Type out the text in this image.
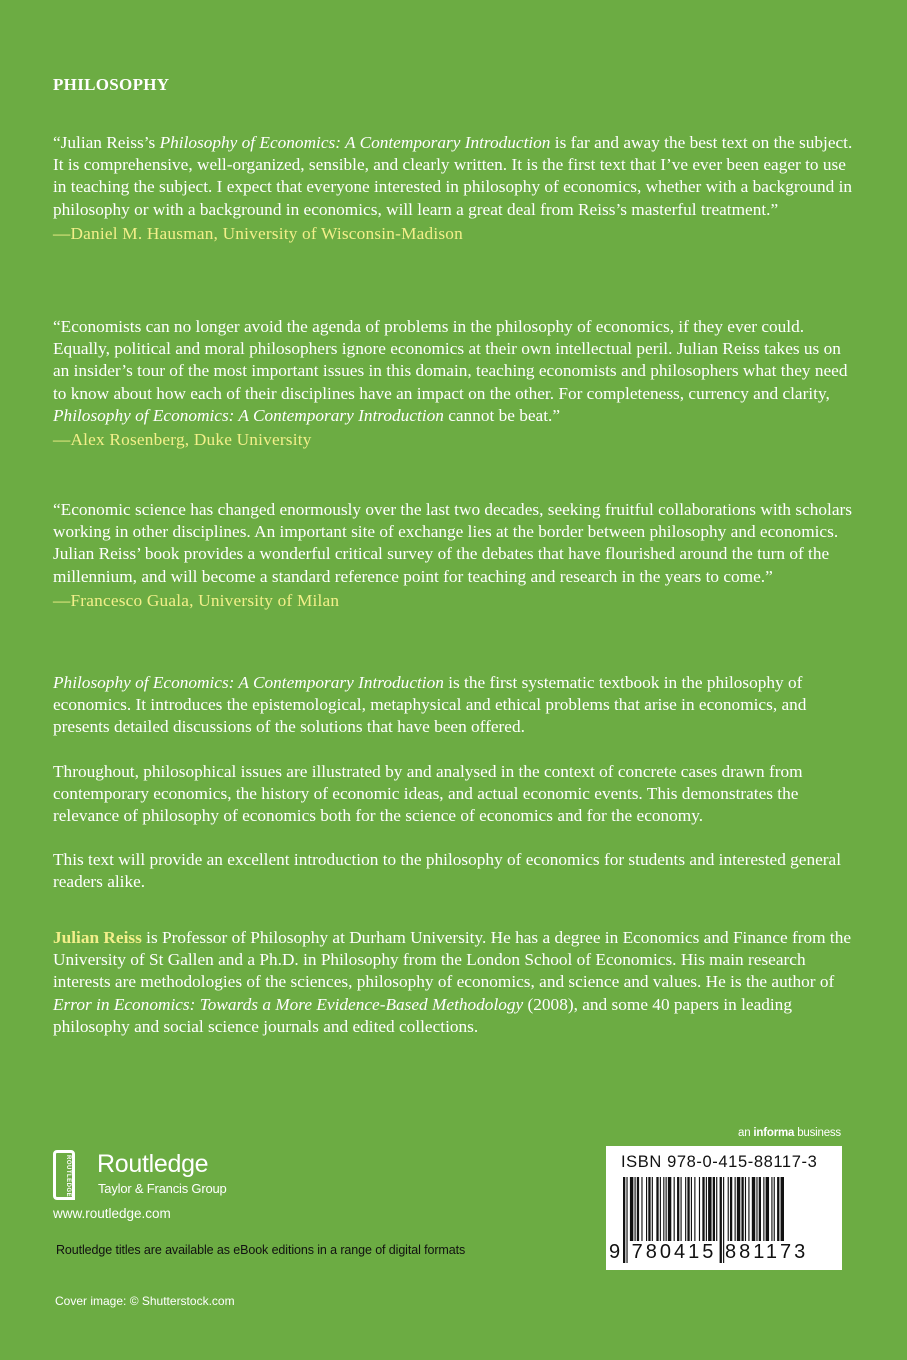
PHILOSOPHY

“Julian Reiss’s Philosophy of Economics: A Contemporary Introduction is far and away the best text on the subject. It is comprehensive, well-organized, sensible, and clearly written. It is the first text that I’ve ever been eager to use in teaching the subject. I expect that everyone interested in philosophy of economics, whether with a background in philosophy or with a background in economics, will learn a great deal from Reiss’s masterful treatment.”

—Daniel M. Hausman, University of Wisconsin-Madison

“Economists can no longer avoid the agenda of problems in the philosophy of economics, if they ever could. Equally, political and moral philosophers ignore economics at their own intellectual peril. Julian Reiss takes us on an insider’s tour of the most important issues in this domain, teaching economists and philosophers what they need to know about how each of their disciplines have an impact on the other. For completeness, currency and clarity, Philosophy of Economics: A Contemporary Introduction cannot be beat.”

—Alex Rosenberg, Duke University

“Economic science has changed enormously over the last two decades, seeking fruitful collaborations with scholars working in other disciplines. An important site of exchange lies at the border between philosophy and economics. Julian Reiss’ book provides a wonderful critical survey of the debates that have flourished around the turn of the millennium, and will become a standard reference point for teaching and research in the years to come.”

—Francesco Guala, University of Milan

Philosophy of Economics: A Contemporary Introduction is the first systematic textbook in the philosophy of economics. It introduces the epistemological, metaphysical and ethical problems that arise in economics, and presents detailed discussions of the solutions that have been offered.

Throughout, philosophical issues are illustrated by and analysed in the context of concrete cases drawn from contemporary economics, the history of economic ideas, and actual economic events. This demonstrates the relevance of philosophy of economics both for the science of economics and for the economy.

This text will provide an excellent introduction to the philosophy of economics for students and interested general readers alike.

Julian Reiss is Professor of Philosophy at Durham University. He has a degree in Economics and Finance from the University of St Gallen and a Ph.D. in Philosophy from the London School of Economics. His main research interests are methodologies of the sciences, philosophy of economics, and science and values. He is the author of Error in Economics: Towards a More Evidence-Based Methodology (2008), and some 40 papers in leading philosophy and social science journals and edited collections.

ROUTLEDGE Routledge
Taylor & Francis Group
www.routledge.com
Routledge titles are available as eBook editions in a range of digital formats
Cover image: © Shutterstock.com
an informa business
ISBN 978-0-415-88117-3
9 780415 881173
